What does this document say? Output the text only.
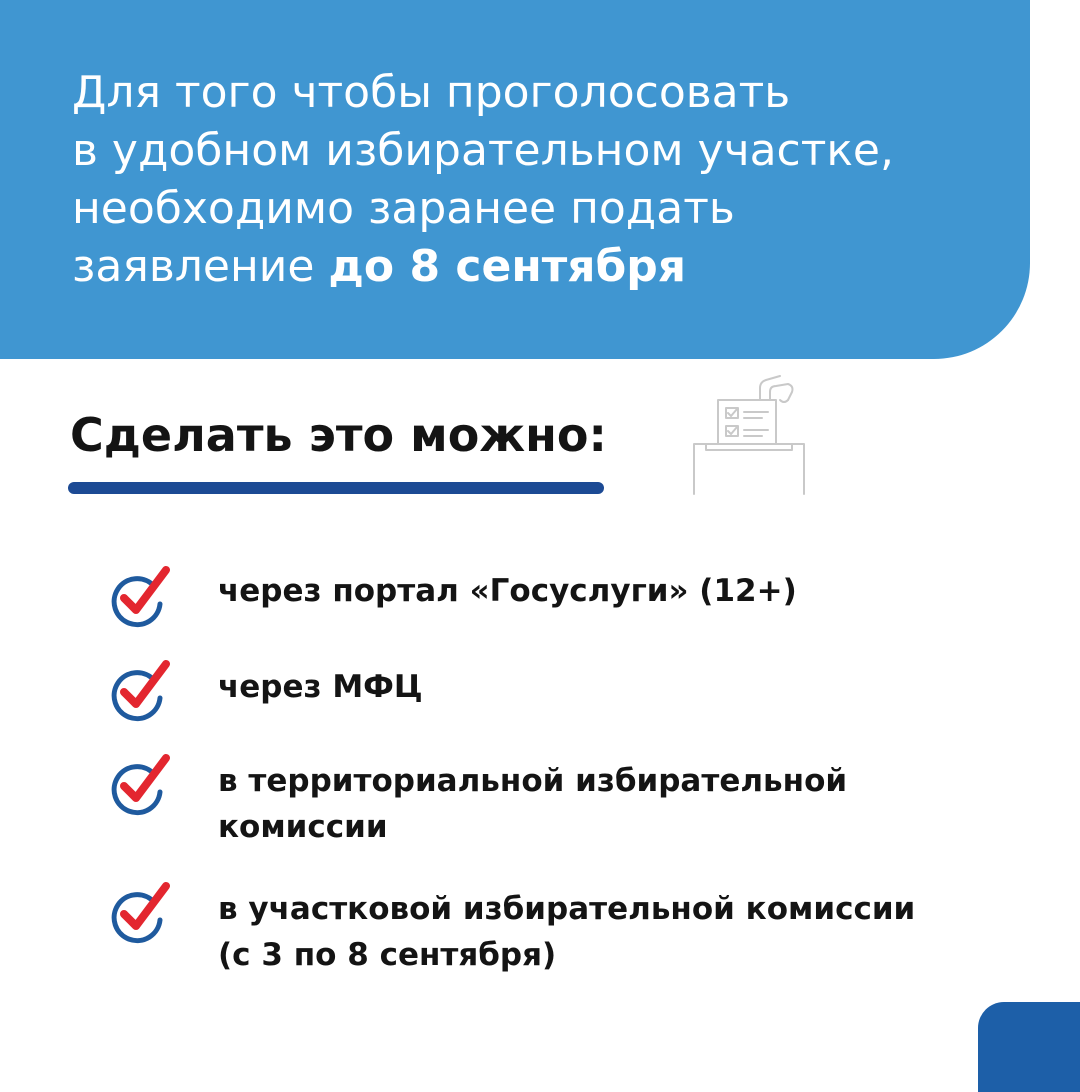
Для того чтобы проголосовать
в удобном избирательном участке,
необходимо заранее подать
заявление до 8 сентября

Сделать это можно:

через портал «Госуслуги» (12+)

через МФЦ

в территориальной избирательной
комиссии

в участковой избирательной комиссии
(с 3 по 8 сентября)
